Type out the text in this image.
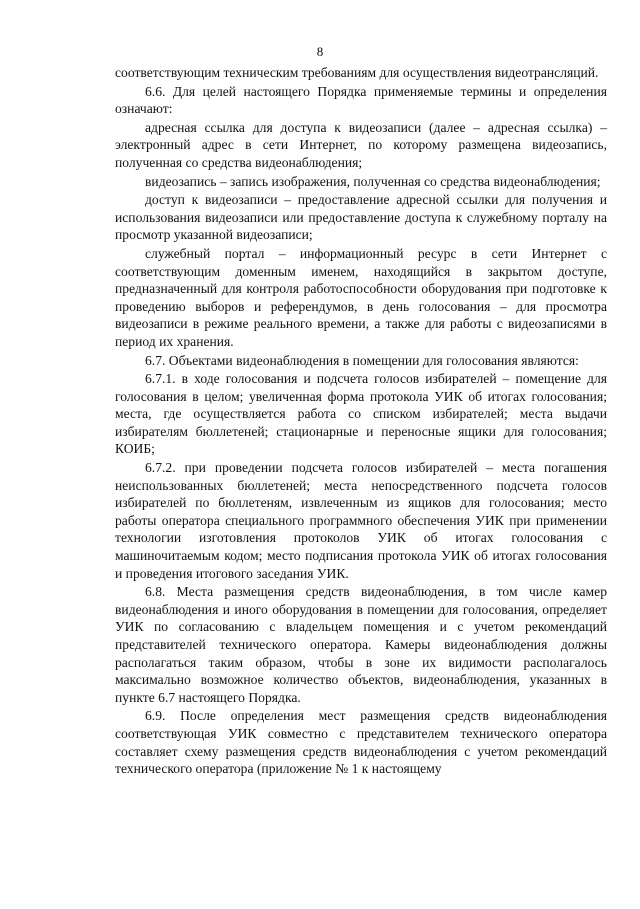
8

соответствующим техническим требованиям для осуществления видеотрансляций.

6.6. Для целей настоящего Порядка применяемые термины и определения означают:

адресная ссылка для доступа к видеозаписи (далее – адресная ссылка) – электронный адрес в сети Интернет, по которому размещена видеозапись, полученная со средства видеонаблюдения;

видеозапись – запись изображения, полученная со средства видеонаблюдения;

доступ к видеозаписи – предоставление адресной ссылки для получения и использования видеозаписи или предоставление доступа к служебному порталу на просмотр указанной видеозаписи;

служебный портал – информационный ресурс в сети Интернет с соответствующим доменным именем, находящийся в закрытом доступе, предназначенный для контроля работоспособности оборудования при подготовке к проведению выборов и референдумов, в день голосования – для просмотра видеозаписи в режиме реального времени, а также для работы с видеозаписями в период их хранения.

6.7. Объектами видеонаблюдения в помещении для голосования являются:

6.7.1. в ходе голосования и подсчета голосов избирателей – помещение для голосования в целом; увеличенная форма протокола УИК об итогах голосования; места, где осуществляется работа со списком избирателей; места выдачи избирателям бюллетеней; стационарные и переносные ящики для голосования; КОИБ;

6.7.2. при проведении подсчета голосов избирателей – места погашения неиспользованных бюллетеней; места непосредственного подсчета голосов избирателей по бюллетеням, извлеченным из ящиков для голосования; место работы оператора специального программного обеспечения УИК при применении технологии изготовления протоколов УИК об итогах голосования с машиночитаемым кодом; место подписания протокола УИК об итогах голосования и проведения итогового заседания УИК.

6.8. Места размещения средств видеонаблюдения, в том числе камер видеонаблюдения и иного оборудования в помещении для голосования, определяет УИК по согласованию с владельцем помещения и с учетом рекомендаций представителей технического оператора. Камеры видеонаблюдения должны располагаться таким образом, чтобы в зоне их видимости располагалось максимально возможное количество объектов, видеонаблюдения, указанных в пункте 6.7 настоящего Порядка.

6.9. После определения мест размещения средств видеонаблюдения соответствующая УИК совместно с представителем технического оператора составляет схему размещения средств видеонаблюдения с учетом рекомендаций технического оператора (приложение № 1 к настоящему
